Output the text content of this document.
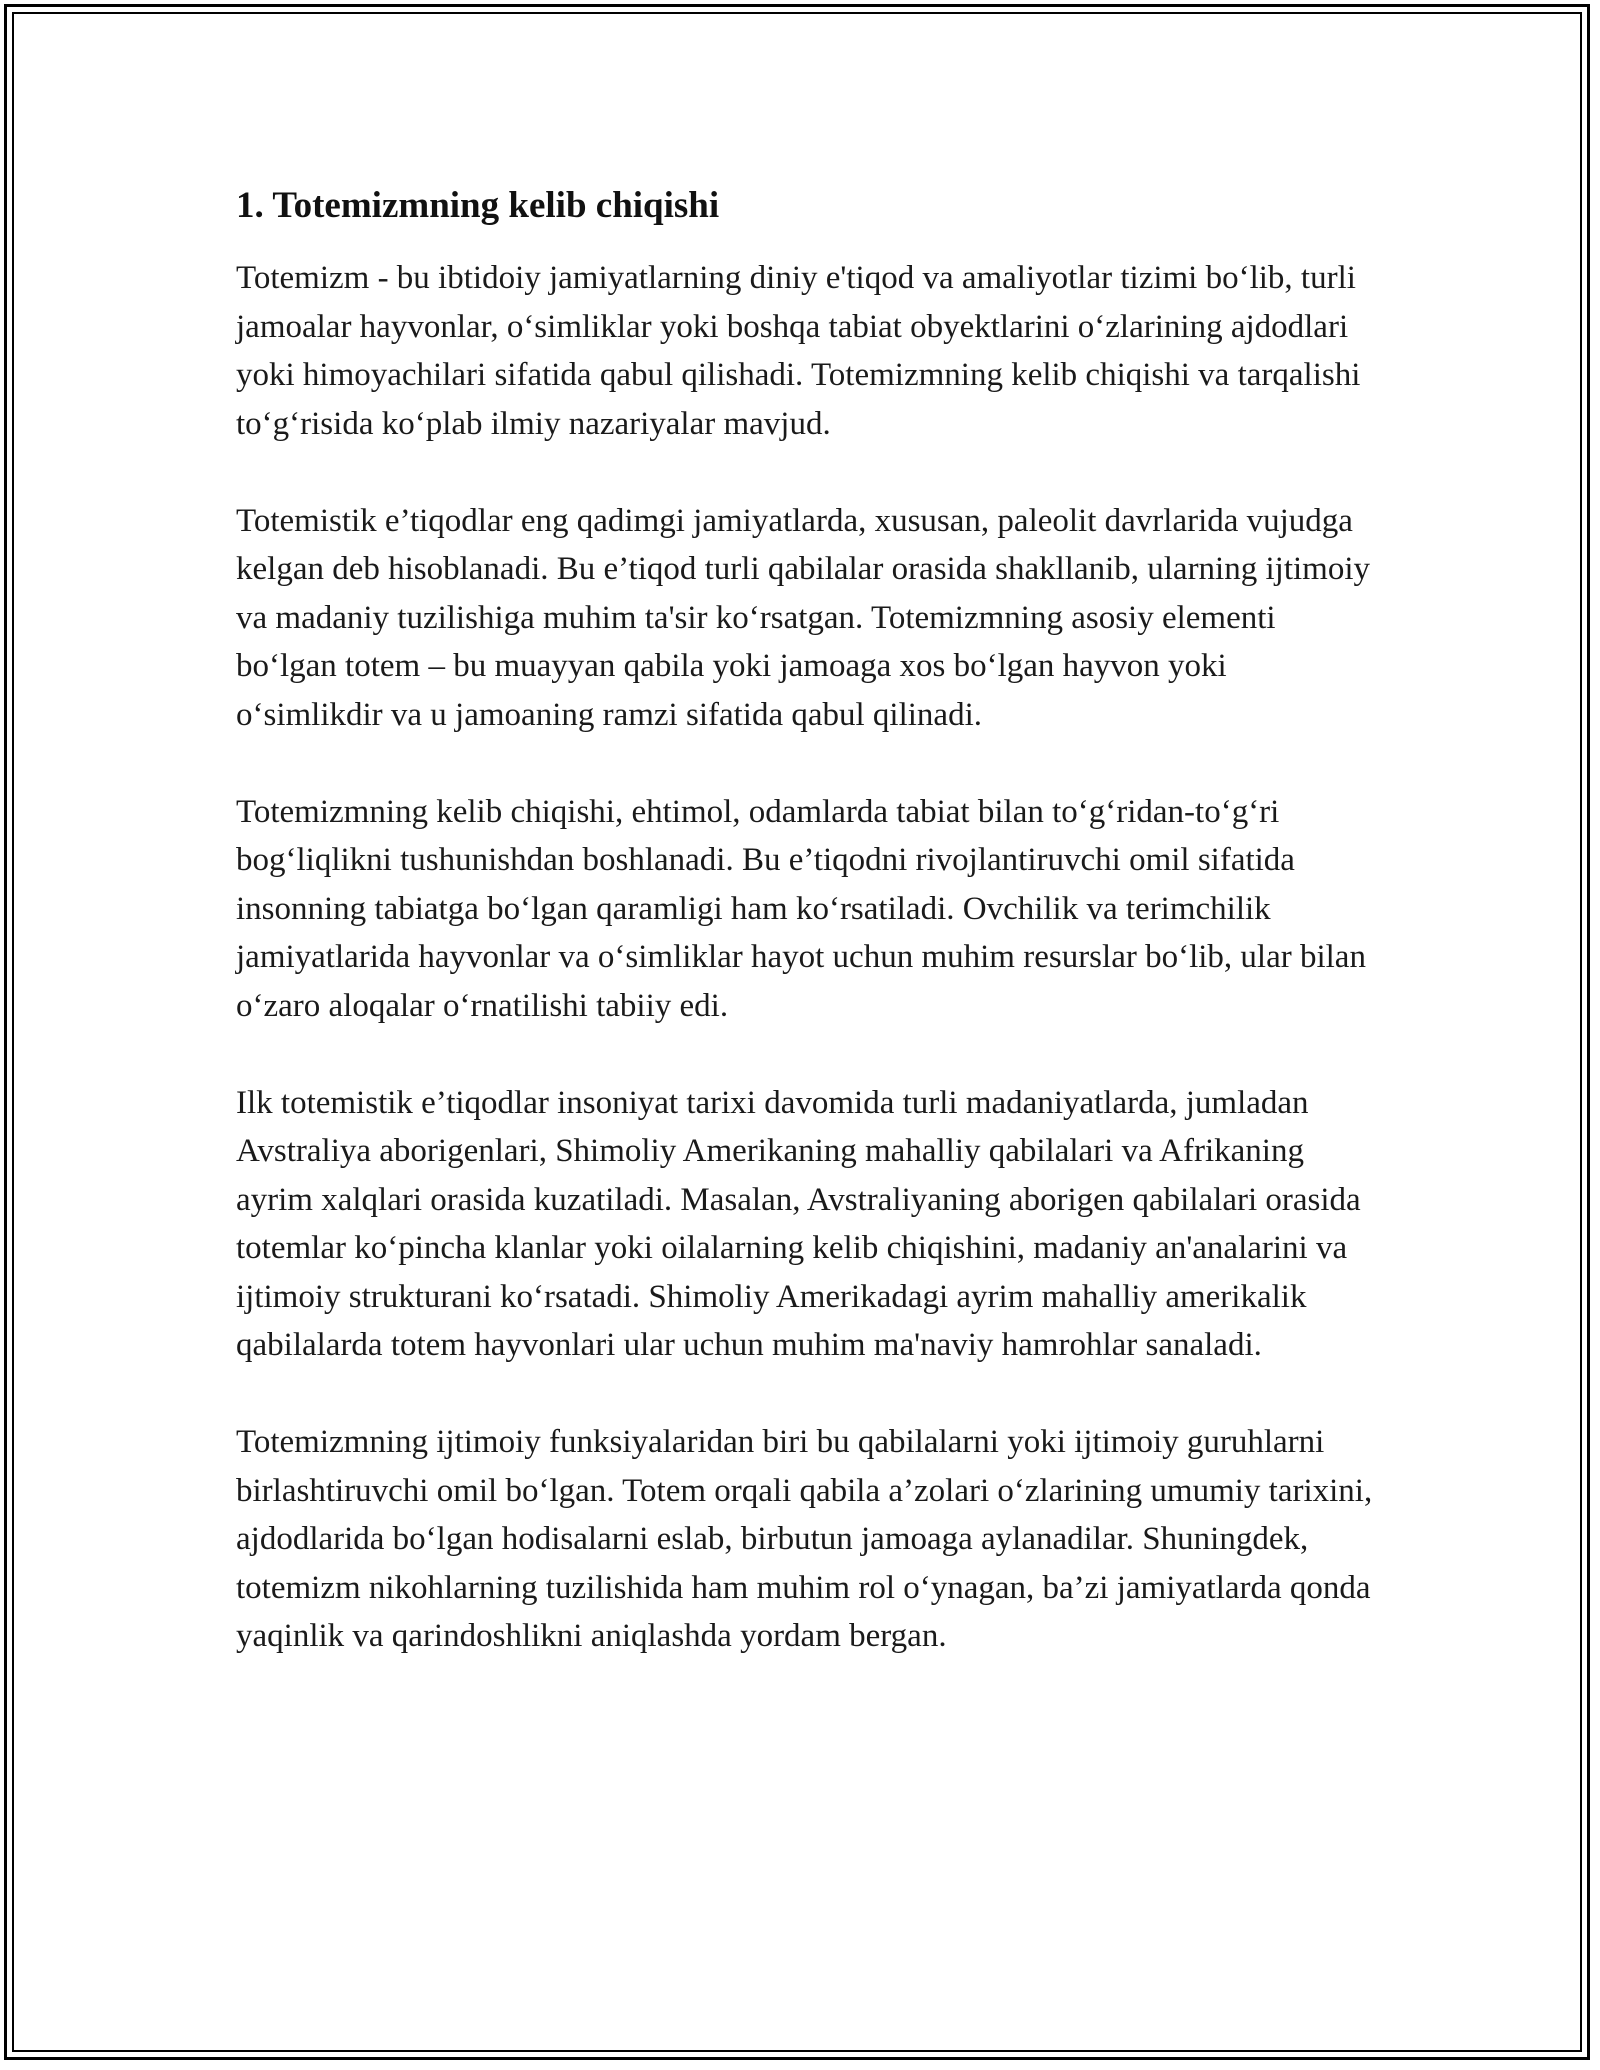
1. Totemizmning kelib chiqishi

Totemizm - bu ibtidoiy jamiyatlarning diniy e'tiqod va amaliyotlar tizimi bo‘lib, turli jamoalar hayvonlar, o‘simliklar yoki boshqa tabiat obyektlarini o‘zlarining ajdodlari yoki himoyachilari sifatida qabul qilishadi. Totemizmning kelib chiqishi va tarqalishi to‘g‘risida ko‘plab ilmiy nazariyalar mavjud.

Totemistik e’tiqodlar eng qadimgi jamiyatlarda, xususan, paleolit davrlarida vujudga kelgan deb hisoblanadi. Bu e’tiqod turli qabilalar orasida shakllanib, ularning ijtimoiy va madaniy tuzilishiga muhim ta'sir ko‘rsatgan. Totemizmning asosiy elementi bo‘lgan totem – bu muayyan qabila yoki jamoaga xos bo‘lgan hayvon yoki o‘simlikdir va u jamoaning ramzi sifatida qabul qilinadi.

Totemizmning kelib chiqishi, ehtimol, odamlarda tabiat bilan to‘g‘ridan-to‘g‘ri bog‘liqlikni tushunishdan boshlanadi. Bu e’tiqodni rivojlantiruvchi omil sifatida insonning tabiatga bo‘lgan qaramligi ham ko‘rsatiladi. Ovchilik va terimchilik jamiyatlarida hayvonlar va o‘simliklar hayot uchun muhim resurslar bo‘lib, ular bilan o‘zaro aloqalar o‘rnatilishi tabiiy edi.

Ilk totemistik e’tiqodlar insoniyat tarixi davomida turli madaniyatlarda, jumladan Avstraliya aborigenlari, Shimoliy Amerikaning mahalliy qabilalari va Afrikaning ayrim xalqlari orasida kuzatiladi. Masalan, Avstraliyaning aborigen qabilalari orasida totemlar ko‘pincha klanlar yoki oilalarning kelib chiqishini, madaniy an'analarini va ijtimoiy strukturani ko‘rsatadi. Shimoliy Amerikadagi ayrim mahalliy amerikalik qabilalarda totem hayvonlari ular uchun muhim ma'naviy hamrohlar sanaladi.

Totemizmning ijtimoiy funksiyalaridan biri bu qabilalarni yoki ijtimoiy guruhlarni birlashtiruvchi omil bo‘lgan. Totem orqali qabila a’zolari o‘zlarining umumiy tarixini, ajdodlarida bo‘lgan hodisalarni eslab, birbutun jamoaga aylanadilar. Shuningdek, totemizm nikohlarning tuzilishida ham muhim rol o‘ynagan, ba’zi jamiyatlarda qonda yaqinlik va qarindoshlikni aniqlashda yordam bergan.
